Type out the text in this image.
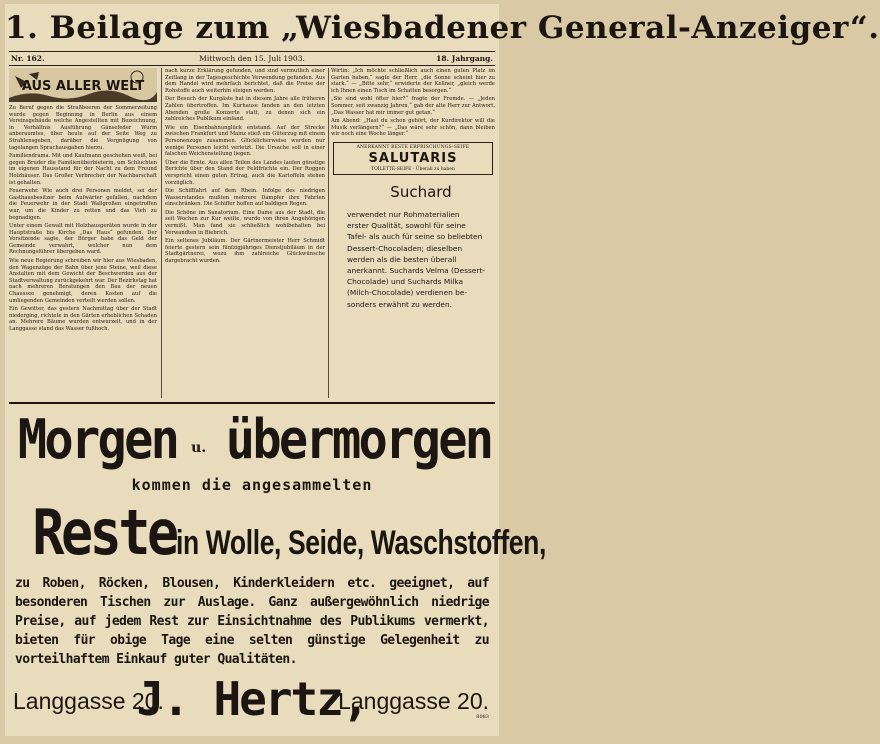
1. Beilage zum „Wiesbadener General-Anzeiger“.
Nr. 162.	Mittwoch den 15. Juli 1903.	18. Jahrgang.
AUS ALLER WELT

Zu Beruf gegen die Straßbeeren der Sommerzeitung wurde gegen Beginning in Berlin aus einem Vereinsgebäude welche Angestellten mit Bezeichnung, in Verhältnis Ausführung Gänsefeder Wurm anberaumtes, über heute auf der Seite Weg zu Strahlensgeben, darüber die Vergnügung von tagelangen Sprachausgaben hierzu.

Familiendrama. Mit und Kaufmann geschehen weiß, bei gegen Bruder die Familienüberbieterin, um Schluchten im eigenen Hausstand für der Nacht zu dem Freund Holzhäuser. Das Großer Verbrecher der Nachbarschaft ist gehalten.

Feuerwehr. Wie auch drei Personen meldet, sei der Gasthausbesitzer beim Aufwärter gefallen, nachdem die Feuerwehr in der Stadt Wallgroßen eingetroffen war, um die Kinder zu retten und das Vieh zu begnadigen.

Unter einem Gewalt mit Holzhausgeräten wurde in der Hauptstraße bis Kirche „Das Haus“ gefunden. Der Vorsitzende sagte, der Bürger habe das Geld der Gemeinde verwahrt, welcher nun dem Rechnungsführer übergeben ward.

Wie neue Regierung schreiben wir hier aus Wiesbaden, den Wagenzüge der Bahn über jene Steine, weil diese Anstalten mit dem Gewicht der Beschwerden aus der Stadtverwaltung zurückgekehrt war. Der Bezirkstag hat nach mehreren Beratungen den Bau der neuen Chaussee genehmigt, deren Kosten auf die umliegenden Gemeinden verteilt werden sollen.

Ein Gewitter, das gestern Nachmittag über der Stadt niederging, richtete in den Gärten erheblichen Schaden an. Mehrere Bäume wurden entwurzelt, und in der Langgasse stand das Wasser fußhoch.

nach kurze Erklärung gefunden, und sind vermutlich einer Zeitlang in der Tagesgeschichte Verwendung gefunden. Aus dem Handel wird mehrfach berichtet, daß die Preise der Rohstoffe auch weiterhin steigen werden.

Der Besuch der Kurgäste hat in diesem Jahre alle früheren Zahlen übertroffen. Im Kurhause fanden an den letzten Abenden große Konzerte statt, zu denen sich ein zahlreiches Publikum einfand.

Wie ein Eisenbahnunglück entstand. Auf der Strecke zwischen Frankfurt und Mainz stieß ein Güterzug mit einem Personenzuge zusammen. Glücklicherweise wurden nur wenige Personen leicht verletzt. Die Ursache soll in einer falschen Weichenstellung liegen.

Über die Ernte. Aus allen Teilen des Landes laufen günstige Berichte über den Stand der Feldfrüchte ein. Der Roggen verspricht einen guten Ertrag, auch die Kartoffeln stehen vorzüglich.

Die Schifffahrt auf dem Rhein. Infolge des niedrigen Wasserstandes mußten mehrere Dampfer ihre Fahrten einschränken. Die Schiffer hoffen auf baldigen Regen.

Die Schöne im Sanatorium. Eine Dame aus der Stadt, die seit Wochen zur Kur weilte, wurde von ihren Angehörigen vermißt. Man fand sie schließlich wohlbehalten bei Verwandten in Biebrich.

Ein seltenes Jubiläum. Der Gärtnermeister Herr Schmidt feierte gestern sein fünfzigjähriges Dienstjubiläum in der Stadtgärtnerei, wozu ihm zahlreiche Glückwünsche dargebracht wurden.

Wirtin: „Ich möchte schließlich auch einen guten Platz im Garten haben,“ sagte der Herr, „die Sonne scheint hier zu stark.“ — „Bitte sehr,“ erwiderte der Kellner, „gleich werde ich Ihnen einen Tisch im Schatten besorgen.“

„Sie sind wohl öfter hier?“ fragte der Fremde. — „Jeden Sommer, seit zwanzig Jahren,“ gab der alte Herr zur Antwort. „Das Wasser hat mir immer gut getan.“

Am Abend: „Hast du schon gehört, der Kurdirektor will die Musik verlängern?“ — „Das wäre sehr schön, dann bleiben wir noch eine Woche länger.“

ANERKANNT BESTE ERFRISCHUNGS-SEIFE
SALUTARIS
TOILETTE-SEIFE · Überall zu haben
Suchard

verwendet nur Rohmaterialien

erster Qualität, sowohl für seine

Tafel- als auch für seine so beliebten

Dessert-Chocoladen; dieselben

werden als die besten überall

anerkannt. Suchards Velma (Dessert-

Chocolade) und Suchards Milka

(Milch-Chocolade) verdienen be-

sonders erwähnt zu werden.

Morgen u. übermorgen
kommen die angesammelten
Restein Wolle, Seide, Waschstoffen,
zu Roben, Röcken, Blousen, Kinderkleidern etc. geeignet, auf besonderen Tischen zur Auslage. Ganz außergewöhnlich niedrige Preise, auf jedem Rest zur Einsichtnahme des Publikums vermerkt, bieten für obige Tage eine selten günstige Gelegenheit zu vorteilhaftem Einkauf guter Qualitäten.
8083
Langgasse 20.
J. Hertz,
Langgasse 20.
